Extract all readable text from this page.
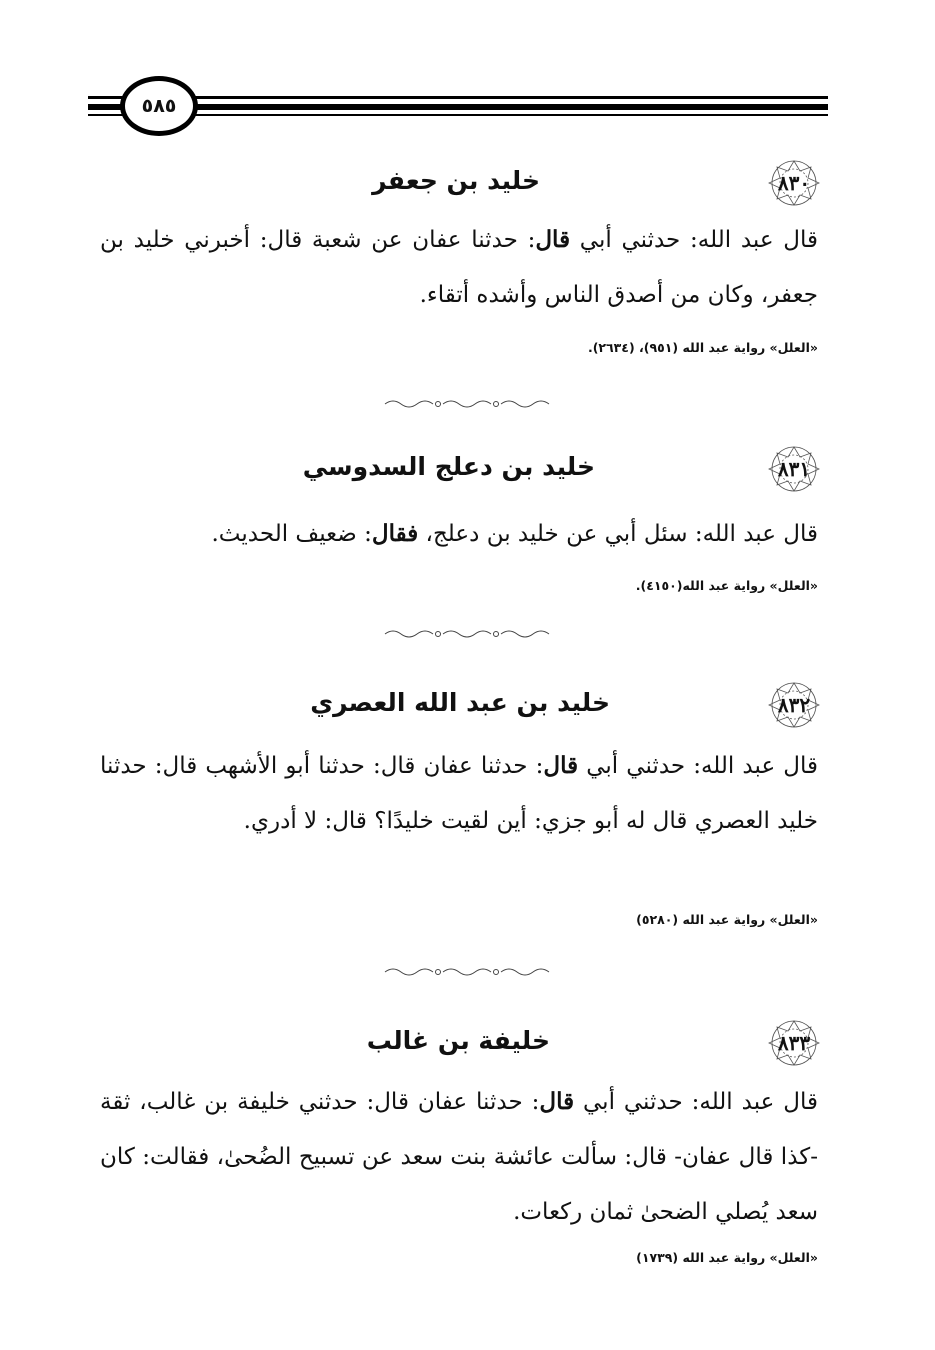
٥٨٥
٨٣٠
خليد بن جعفر

قال عبد الله: حدثني أبي قال: حدثنا عفان عن شعبة قال: أخبرني خليد بن جعفر، وكان من أصدق الناس وأشده أتقاء.

«العلل» رواية عبد الله (٩٥١)، (٢٦٣٤).
٨٣١
خليد بن دعلج السدوسي

قال عبد الله: سئل أبي عن خليد بن دعلج، فقال: ضعيف الحديث.

«العلل» رواية عبد الله(٤١٥٠).
٨٣٢
خليد بن عبد الله العصري

قال عبد الله: حدثني أبي قال: حدثنا عفان قال: حدثنا أبو الأشهب قال: حدثنا خليد العصري قال له أبو جزي: أين لقيت خليدًا؟ قال: لا أدري.

«العلل» رواية عبد الله (٥٢٨٠)
٨٣٣
خليفة بن غالب

قال عبد الله: حدثني أبي قال: حدثنا عفان قال: حدثني خليفة بن غالب، ثقة -كذا قال عفان- قال: سألت عائشة بنت سعد عن تسبيح الضُحىٰ، فقالت: كان سعد يُصلي الضحىٰ ثمان ركعات.

«العلل» رواية عبد الله (١٧٣٩)
